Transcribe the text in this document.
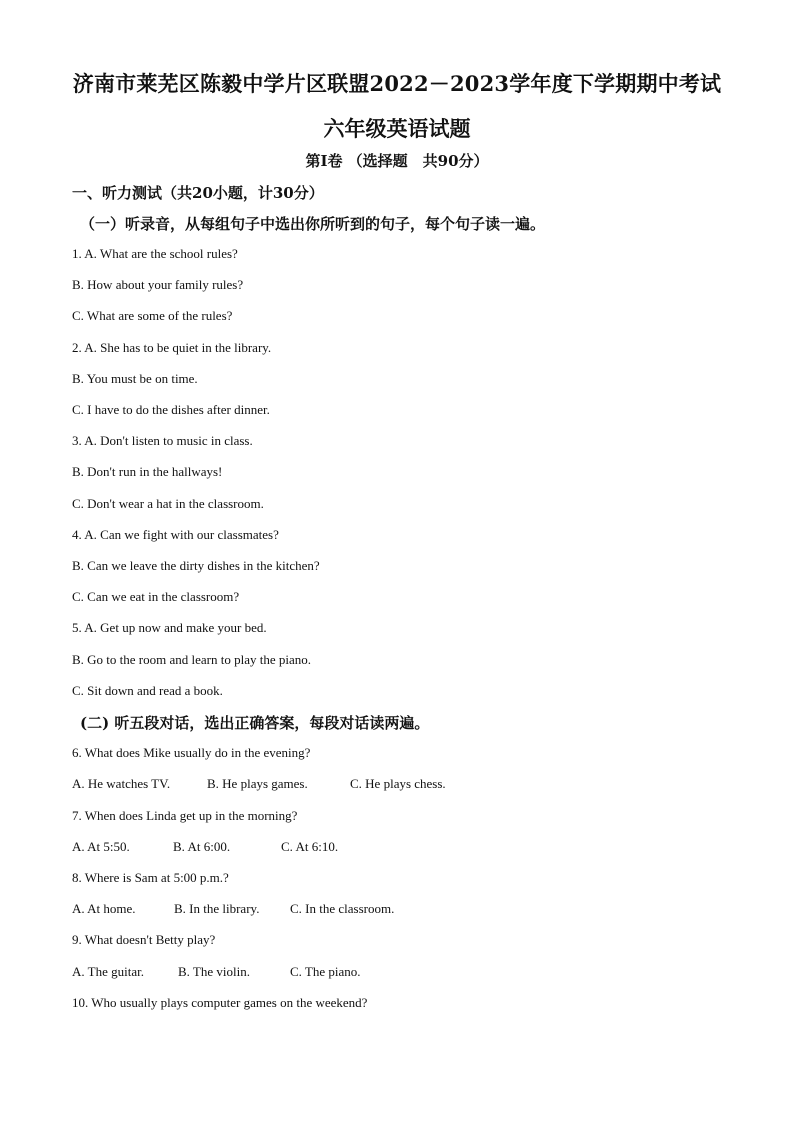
济南市莱芜区陈毅中学片区联盟2022－2023学年度下学期期中考试
六年级英语试题
第Ⅰ卷 （选择题　共90分）
一、听力测试（共20小题，计30分）
（一）听录音，从每组句子中选出你所听到的句子，每个句子读一遍。
1. A. What are the school rules?
B. How about your family rules?
C. What are some of the rules?
2. A. She has to be quiet in the library.
B. You must be on time.
C. I have to do the dishes after dinner.
3. A. Don't listen to music in class.
B. Don't run in the hallways!
C. Don't wear a hat in the classroom.
4. A. Can we fight with our classmates?
B. Can we leave the dirty dishes in the kitchen?
C. Can we eat in the classroom?
5. A. Get up now and make your bed.
B. Go to the room and learn to play the piano.
C. Sit down and read a book.
(二) 听五段对话，选出正确答案，每段对话读两遍。
6. What does Mike usually do in the evening?
A. He watches TV.	B. He plays games.	C. He plays chess.
7. When does Linda get up in the morning?
A. At 5:50.	B. At 6:00.	C. At 6:10.
8. Where is Sam at 5:00 p.m.?
A. At home.	B. In the library. C. In the classroom.
9. What doesn't Betty play?
A. The guitar.	B. The violin.	C. The piano.
10. Who usually plays computer games on the weekend?
